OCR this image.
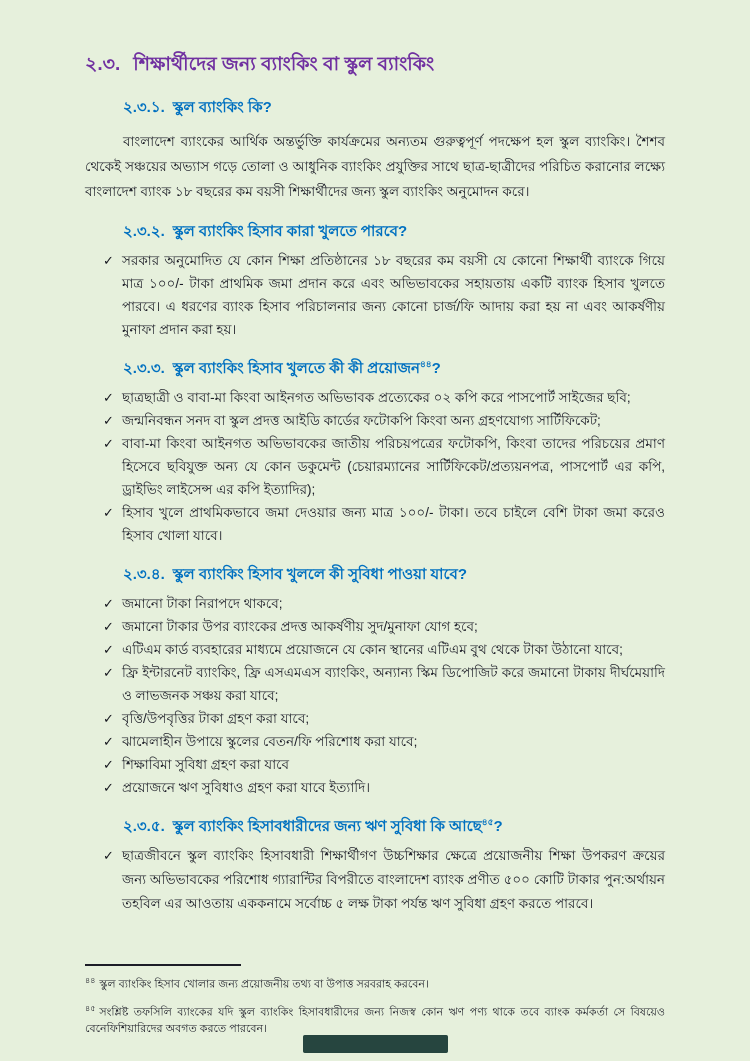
২.৩. শিক্ষার্থীদের জন্য ব্যাংকিং বা স্কুল ব্যাংকিং
২.৩.১. স্কুল ব্যাংকিং কি?

বাংলাদেশ ব্যাংকের আর্থিক অন্তর্ভুক্তি কার্যক্রমের অন্যতম গুরুত্বপূর্ণ পদক্ষেপ হল স্কুল ব্যাংকিং। শৈশব থেকেই সঞ্চয়ের অভ্যাস গড়ে তোলা ও আধুনিক ব্যাংকিং প্রযুক্তির সাথে ছাত্র-ছাত্রীদের পরিচিত করানোর লক্ষ্যে বাংলাদেশ ব্যাংক ১৮ বছরের কম বয়সী শিক্ষার্থীদের জন্য স্কুল ব্যাংকিং অনুমোদন করে।

২.৩.২. স্কুল ব্যাংকিং হিসাব কারা খুলতে পারবে?
✓ সরকার অনুমোদিত যে কোন শিক্ষা প্রতিষ্ঠানের ১৮ বছরের কম বয়সী যে কোনো শিক্ষার্থী ব্যাংকে গিয়ে মাত্র ১০০/- টাকা প্রাথমিক জমা প্রদান করে এবং অভিভাবকের সহায়তায় একটি ব্যাংক হিসাব খুলতে পারবে। এ ধরণের ব্যাংক হিসাব পরিচালনার জন্য কোনো চার্জ/ফি আদায় করা হয় না এবং আকর্ষণীয় মুনাফা প্রদান করা হয়।
২.৩.৩. স্কুল ব্যাংকিং হিসাব খুলতে কী কী প্রয়োজন$^{৪৪}$?
✓ ছাত্রছাত্রী ও বাবা-মা কিংবা আইনগত অভিভাবক প্রত্যেকের ০২ কপি করে পাসপোর্ট সাইজের ছবি;
✓ জন্মনিবন্ধন সনদ বা স্কুল প্রদত্ত আইডি কার্ডের ফটোকপি কিংবা অন্য গ্রহণযোগ্য সার্টিফিকেট;
✓ বাবা-মা কিংবা আইনগত অভিভাবকের জাতীয় পরিচয়পত্রের ফটোকপি, কিংবা তাদের পরিচয়ের প্রমাণ হিসেবে ছবিযুক্ত অন্য যে কোন ডকুমেন্ট (চেয়ারম্যানের সার্টিফিকেট/প্রত্যয়নপত্র, পাসপোর্ট এর কপি, ড্রাইভিং লাইসেন্স এর কপি ইত্যাদির);
✓ হিসাব খুলে প্রাথমিকভাবে জমা দেওয়ার জন্য মাত্র ১০০/- টাকা। তবে চাইলে বেশি টাকা জমা করেও হিসাব খোলা যাবে।
২.৩.৪. স্কুল ব্যাংকিং হিসাব খুললে কী সুবিধা পাওয়া যাবে?
✓ জমানো টাকা নিরাপদে থাকবে;
✓ জমানো টাকার উপর ব্যাংকের প্রদত্ত আকর্ষণীয় সুদ/মুনাফা যোগ হবে;
✓ এটিএম কার্ড ব্যবহারের মাধ্যমে প্রয়োজনে যে কোন স্থানের এটিএম বুথ থেকে টাকা উঠানো যাবে;
✓ ফ্রি ইন্টারনেট ব্যাংকিং, ফ্রি এসএমএস ব্যাংকিং, অন্যান্য স্কিম ডিপোজিট করে জমানো টাকায় দীর্ঘমেয়াদি ও লাভজনক সঞ্চয় করা যাবে;
✓ বৃত্তি/উপবৃত্তির টাকা গ্রহণ করা যাবে;
✓ ঝামেলাহীন উপায়ে স্কুলের বেতন/ফি পরিশোধ করা যাবে;
✓ শিক্ষাবিমা সুবিধা গ্রহণ করা যাবে
✓ প্রয়োজনে ঋণ সুবিধাও গ্রহণ করা যাবে ইত্যাদি।
২.৩.৫. স্কুল ব্যাংকিং হিসাবধারীদের জন্য ঋণ সুবিধা কি আছে$^{৪৫}$?
✓ ছাত্রজীবনে স্কুল ব্যাংকিং হিসাবধারী শিক্ষার্থীগণ উচ্চশিক্ষার ক্ষেত্রে প্রয়োজনীয় শিক্ষা উপকরণ ক্রয়ের জন্য অভিভাবকের পরিশোধ গ্যারান্টির বিপরীতে বাংলাদেশ ব্যাংক প্রণীত ৫০০ কোটি টাকার পুন:অর্থায়ন তহবিল এর আওতায় এককনামে সর্বোচ্চ ৫ লক্ষ টাকা পর্যন্ত ঋণ সুবিধা গ্রহণ করতে পারবে।
$^{৪৪}$ স্কুল ব্যাংকিং হিসাব খোলার জন্য প্রয়োজনীয় তথ্য বা উপাত্ত সরবরাহ করবেন।
$^{৪৫}$ সংশ্লিষ্ট তফসিলি ব্যাংকের যদি স্কুল ব্যাংকিং হিসাবধারীদের জন্য নিজস্ব কোন ঋণ পণ্য থাকে তবে ব্যাংক কর্মকর্তা সে বিষয়েও বেনেফিশিয়ারিদের অবগত করতে পারবেন।
